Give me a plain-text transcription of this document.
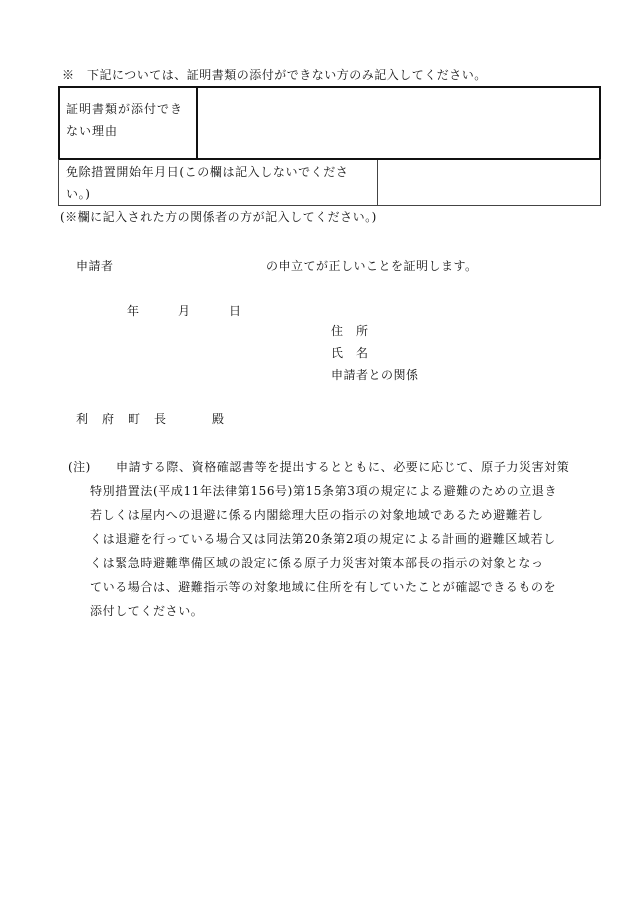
※　下記については、証明書類の添付ができない方のみ記入してください。
証明書類が添付でき
ない理由
免除措置開始年月日(この欄は記入しないでくださ
い。)
(※欄に記入された方の関係者の方が記入してください。)
申請者	の申立てが正しいことを証明します。
年	月	日
住　所
氏　名
申請者との関係
利　府　町　長	殿
(注) 申請する際、資格確認書等を提出するとともに、必要に応じて、原子力災害対策
特別措置法(平成11年法律第156号)第15条第3項の規定による避難のための立退き
若しくは屋内への退避に係る内閣総理大臣の指示の対象地域であるため避難若し
くは退避を行っている場合又は同法第20条第2項の規定による計画的避難区域若し
くは緊急時避難準備区域の設定に係る原子力災害対策本部長の指示の対象となっ
ている場合は、避難指示等の対象地域に住所を有していたことが確認できるものを
添付してください。
